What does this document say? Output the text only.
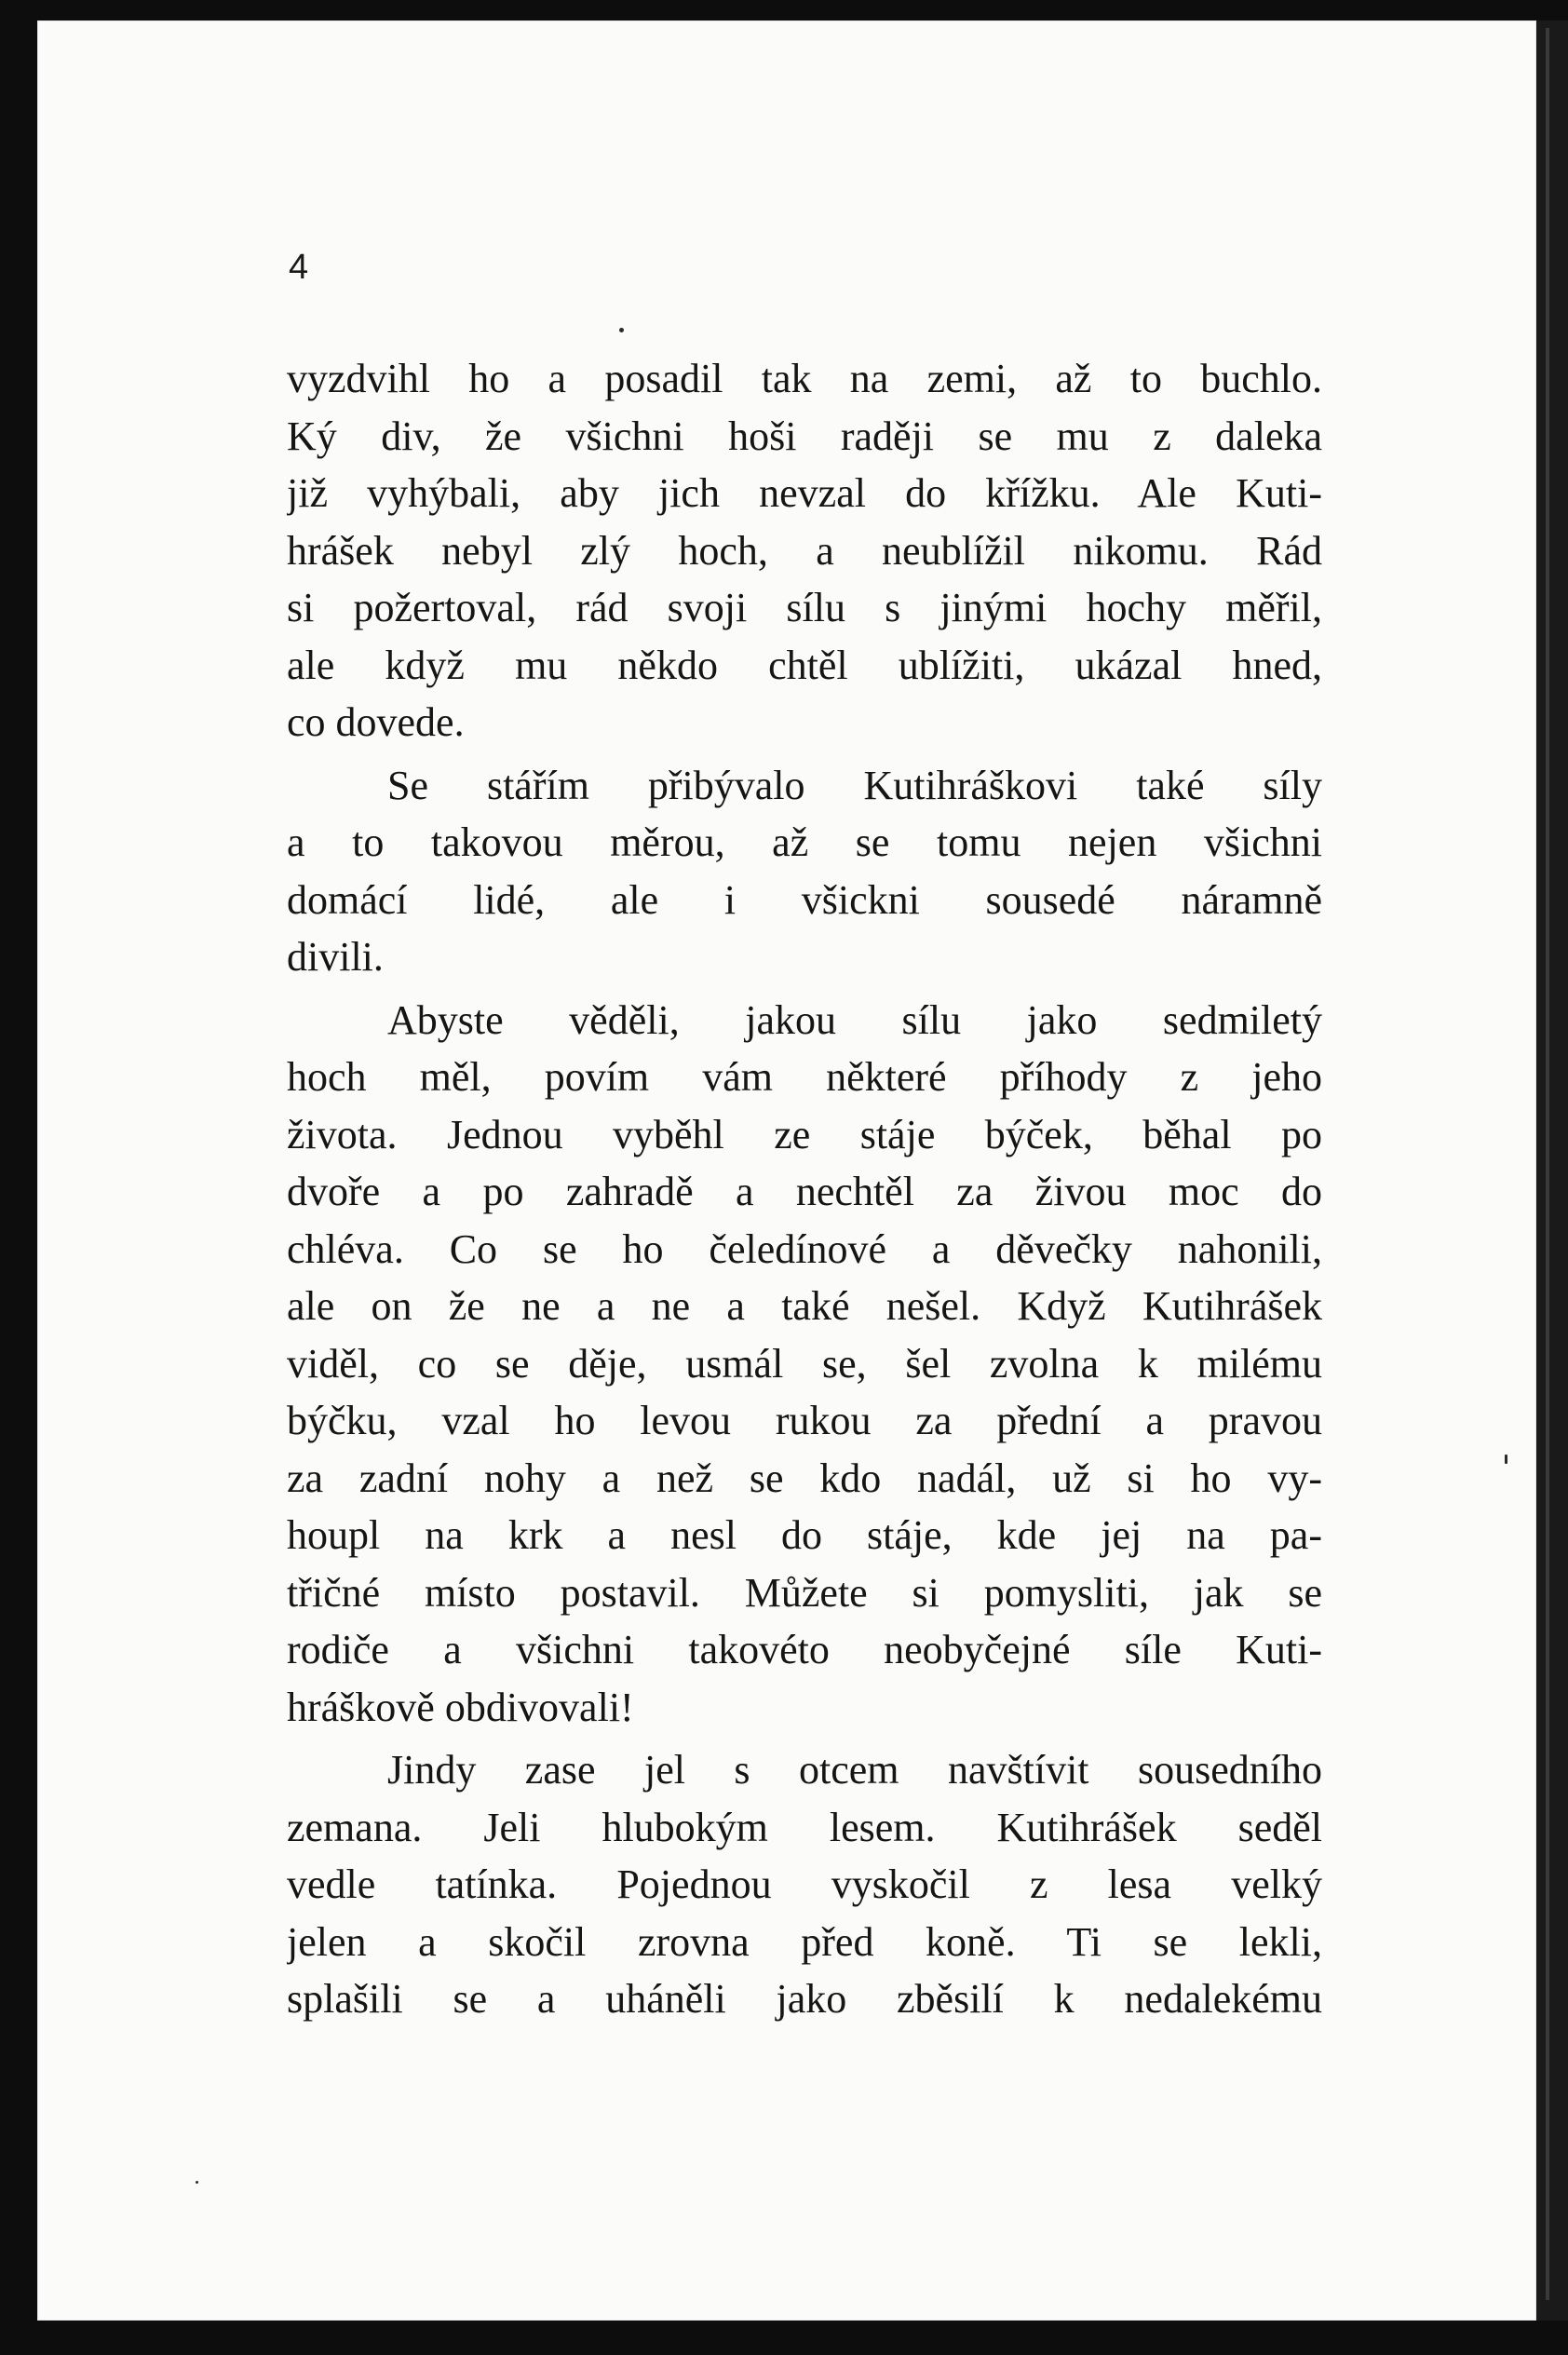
4
vyzdvihl ho a posadil tak na zemi, až to buchlo.
Ký div, že všichni hoši raději se mu z daleka
již vyhýbali, aby jich nevzal do křížku. Ale Kuti-
hrášek nebyl zlý hoch, a neublížil nikomu. Rád
si požertoval, rád svoji sílu s jinými hochy měřil,
ale když mu někdo chtěl ublížiti, ukázal hned,
co dovede.
Se stářím přibývalo Kutihráškovi také síly
a to takovou měrou, až se tomu nejen všichni
domácí lidé, ale i všickni sousedé náramně
divili.
Abyste věděli, jakou sílu jako sedmiletý
hoch měl, povím vám některé příhody z jeho
života. Jednou vyběhl ze stáje býček, běhal po
dvoře a po zahradě a nechtěl za živou moc do
chléva. Co se ho čeledínové a děvečky nahonili,
ale on že ne a ne a také nešel. Když Kutihrášek
viděl, co se děje, usmál se, šel zvolna k milému
býčku, vzal ho levou rukou za přední a pravou
za zadní nohy a než se kdo nadál, už si ho vy-
houpl na krk a nesl do stáje, kde jej na pa-
třičné místo postavil. Můžete si pomysliti, jak se
rodiče a všichni takovéto neobyčejné síle Kuti-
hráškově obdivovali!
Jindy zase jel s otcem navštívit sousedního
zemana. Jeli hlubokým lesem. Kutihrášek seděl
vedle tatínka. Pojednou vyskočil z lesa velký
jelen a skočil zrovna před koně. Ti se lekli,
splašili se a uháněli jako zběsilí k nedalekému
